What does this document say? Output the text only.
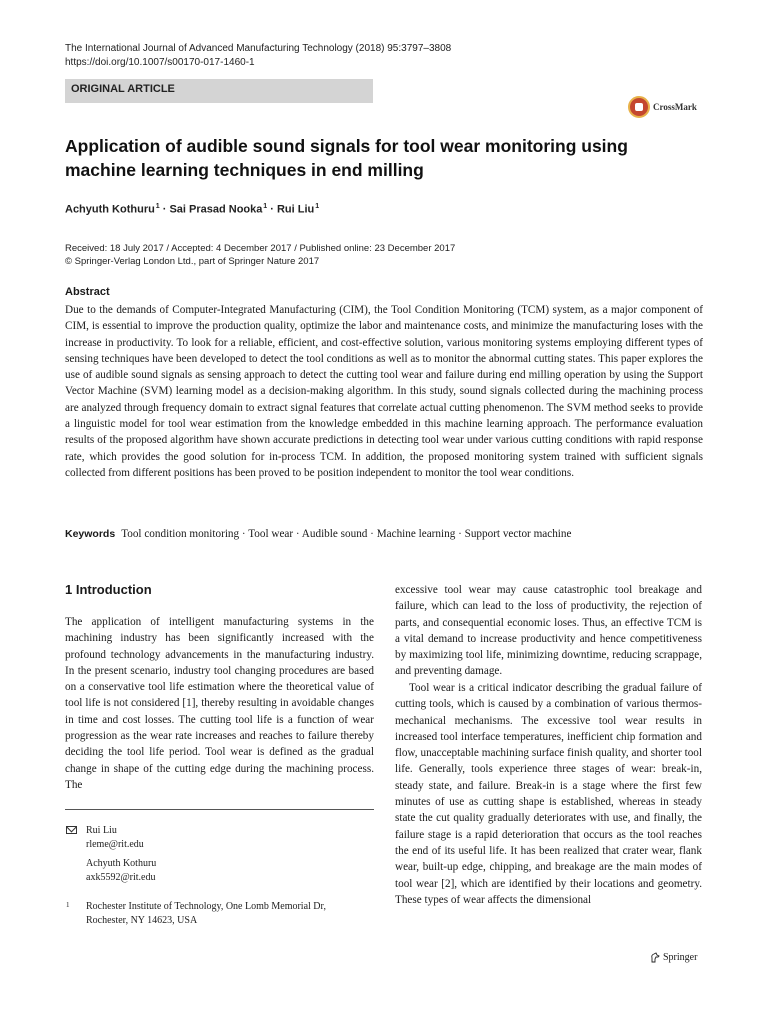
The International Journal of Advanced Manufacturing Technology (2018) 95:3797–3808
https://doi.org/10.1007/s00170-017-1460-1
ORIGINAL ARTICLE
CrossMark
Application of audible sound signals for tool wear monitoring using machine learning techniques in end milling
Achyuth Kothuru $^1$ · Sai Prasad Nooka $^1$ · Rui Liu $^1$
Received: 18 July 2017 / Accepted: 4 December 2017 / Published online: 23 December 2017
© Springer-Verlag London Ltd., part of Springer Nature 2017
Abstract
Due to the demands of Computer-Integrated Manufacturing (CIM), the Tool Condition Monitoring (TCM) system, as a major component of CIM, is essential to improve the production quality, optimize the labor and maintenance costs, and minimize the manufacturing loses with the increase in productivity. To look for a reliable, efficient, and cost-effective solution, various monitoring systems employing different types of sensing techniques have been developed to detect the tool conditions as well as to monitor the abnormal cutting states. This paper explores the use of audible sound signals as sensing approach to detect the cutting tool wear and failure during end milling operation by using the Support Vector Machine (SVM) learning model as a decision-making algorithm. In this study, sound signals collected during the machining process are analyzed through frequency domain to extract signal features that correlate actual cutting phenomenon. The SVM method seeks to provide a linguistic model for tool wear estimation from the knowledge embedded in this machine learning approach. The performance evaluation results of the proposed algorithm have shown accurate predictions in detecting tool wear under various cutting conditions with rapid response rate, which provides the good solution for in-process TCM. In addition, the proposed monitoring system trained with sufficient signals collected from different positions has been proved to be position independent to monitor the tool wear conditions.
Keywords Tool condition monitoring · Tool wear · Audible sound · Machine learning · Support vector machine
1 Introduction
The application of intelligent manufacturing systems in the machining industry has been significantly increased with the profound technology advancements in the manufacturing industry. In the present scenario, industry tool changing procedures are based on a conservative tool life estimation where the theoretical value of tool life is not considered [1], thereby resulting in avoidable changes in time and cost losses. The cutting tool life is a function of wear progression as the wear rate increases and reaches to failure thereby deciding the tool life period. Tool wear is defined as the gradual change in shape of the cutting edge during the machining process. The
excessive tool wear may cause catastrophic tool breakage and failure, which can lead to the loss of productivity, the rejection of parts, and consequential economic loses. Thus, an effective TCM is a vital demand to increase productivity and hence competitiveness by maximizing tool life, minimizing downtime, reducing scrappage, and preventing damage.
Tool wear is a critical indicator describing the gradual failure of cutting tools, which is caused by a combination of various thermos-mechanical mechanisms. The excessive tool wear results in increased tool interface temperatures, inefficient chip formation and flow, unacceptable machining surface finish quality, and shorter tool life. Generally, tools experience three stages of wear: break-in, steady state, and failure. Break-in is a stage where the first few minutes of use as cutting shape is established, whereas in steady state the cut quality gradually deteriorates with use, and finally, the failure stage is a rapid deterioration that occurs as the tool reaches the end of its useful life. It has been realized that crater wear, flank wear, built-up edge, chipping, and breakage are the main modes of tool wear [2], which are identified by their locations and geometry. These types of wear affects the dimensional
Rui Liu
rleme@rit.edu
Achyuth Kothuru
axk5592@rit.edu
1 Rochester Institute of Technology, One Lomb Memorial Dr, Rochester, NY 14623, USA
Springer
